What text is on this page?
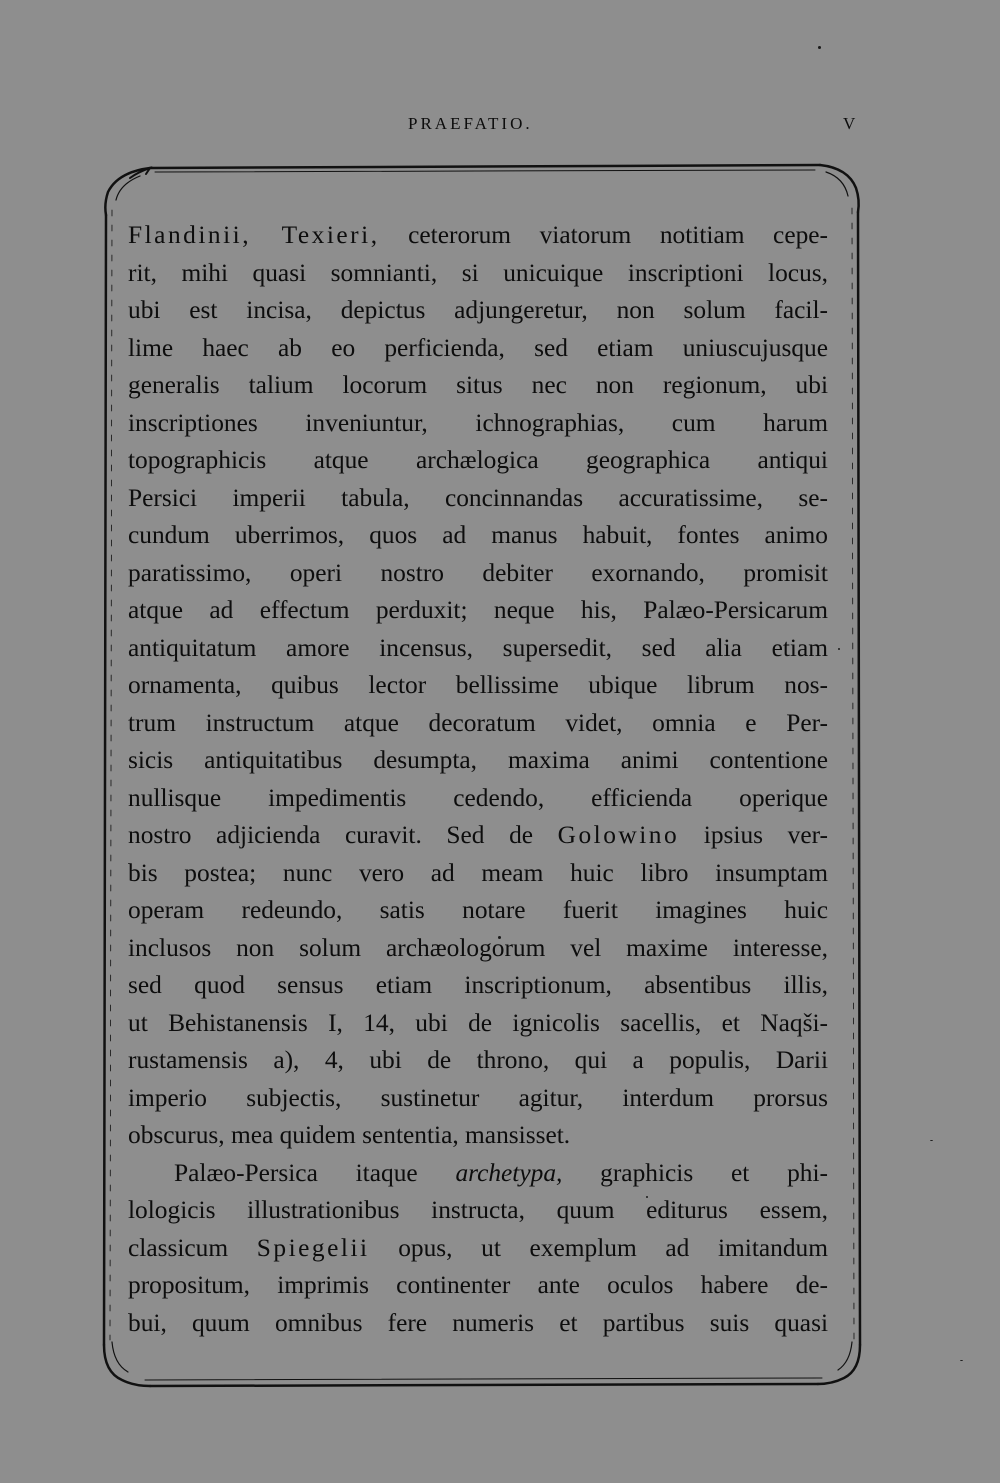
PRAEFATIO.	V

Flandinii, Texieri, ceterorum viatorum notitiam cepe-
rit, mihi quasi somnianti, si unicuique inscriptioni locus,
ubi est incisa, depictus adjungeretur, non solum facil-
lime haec ab eo perficienda, sed etiam uniuscujusque
generalis talium locorum situs nec non regionum, ubi
inscriptiones inveniuntur, ichnographias, cum harum
topographicis atque archælogica geographica antiqui
Persici imperii tabula, concinnandas accuratissime, se-
cundum uberrimos, quos ad manus habuit, fontes animo
paratissimo, operi nostro debiter exornando, promisit
atque ad effectum perduxit; neque his, Palæo-Persicarum
antiquitatum amore incensus, supersedit, sed alia etiam
ornamenta, quibus lector bellissime ubique librum nos-
trum instructum atque decoratum videt, omnia e Per-
sicis antiquitatibus desumpta, maxima animi contentione
nullisque impedimentis cedendo, efficienda operique
nostro adjicienda curavit. Sed de Golowino ipsius ver-
bis postea; nunc vero ad meam huic libro insumptam
operam redeundo, satis notare fuerit imagines huic
inclusos non solum archæologorum vel maxime interesse,
sed quod sensus etiam inscriptionum, absentibus illis,
ut Behistanensis I, 14, ubi de ignicolis sacellis, et Naqši-
rustamensis a), 4, ubi de throno, qui a populis, Darii
imperio subjectis, sustinetur agitur, interdum prorsus
obscurus, mea quidem sententia, mansisset.

Palæo-Persica itaque archetypa, graphicis et phi-
lologicis illustrationibus instructa, quum editurus essem,
classicum Spiegelii opus, ut exemplum ad imitandum
propositum, imprimis continenter ante oculos habere de-
bui, quum omnibus fere numeris et partibus suis quasi
